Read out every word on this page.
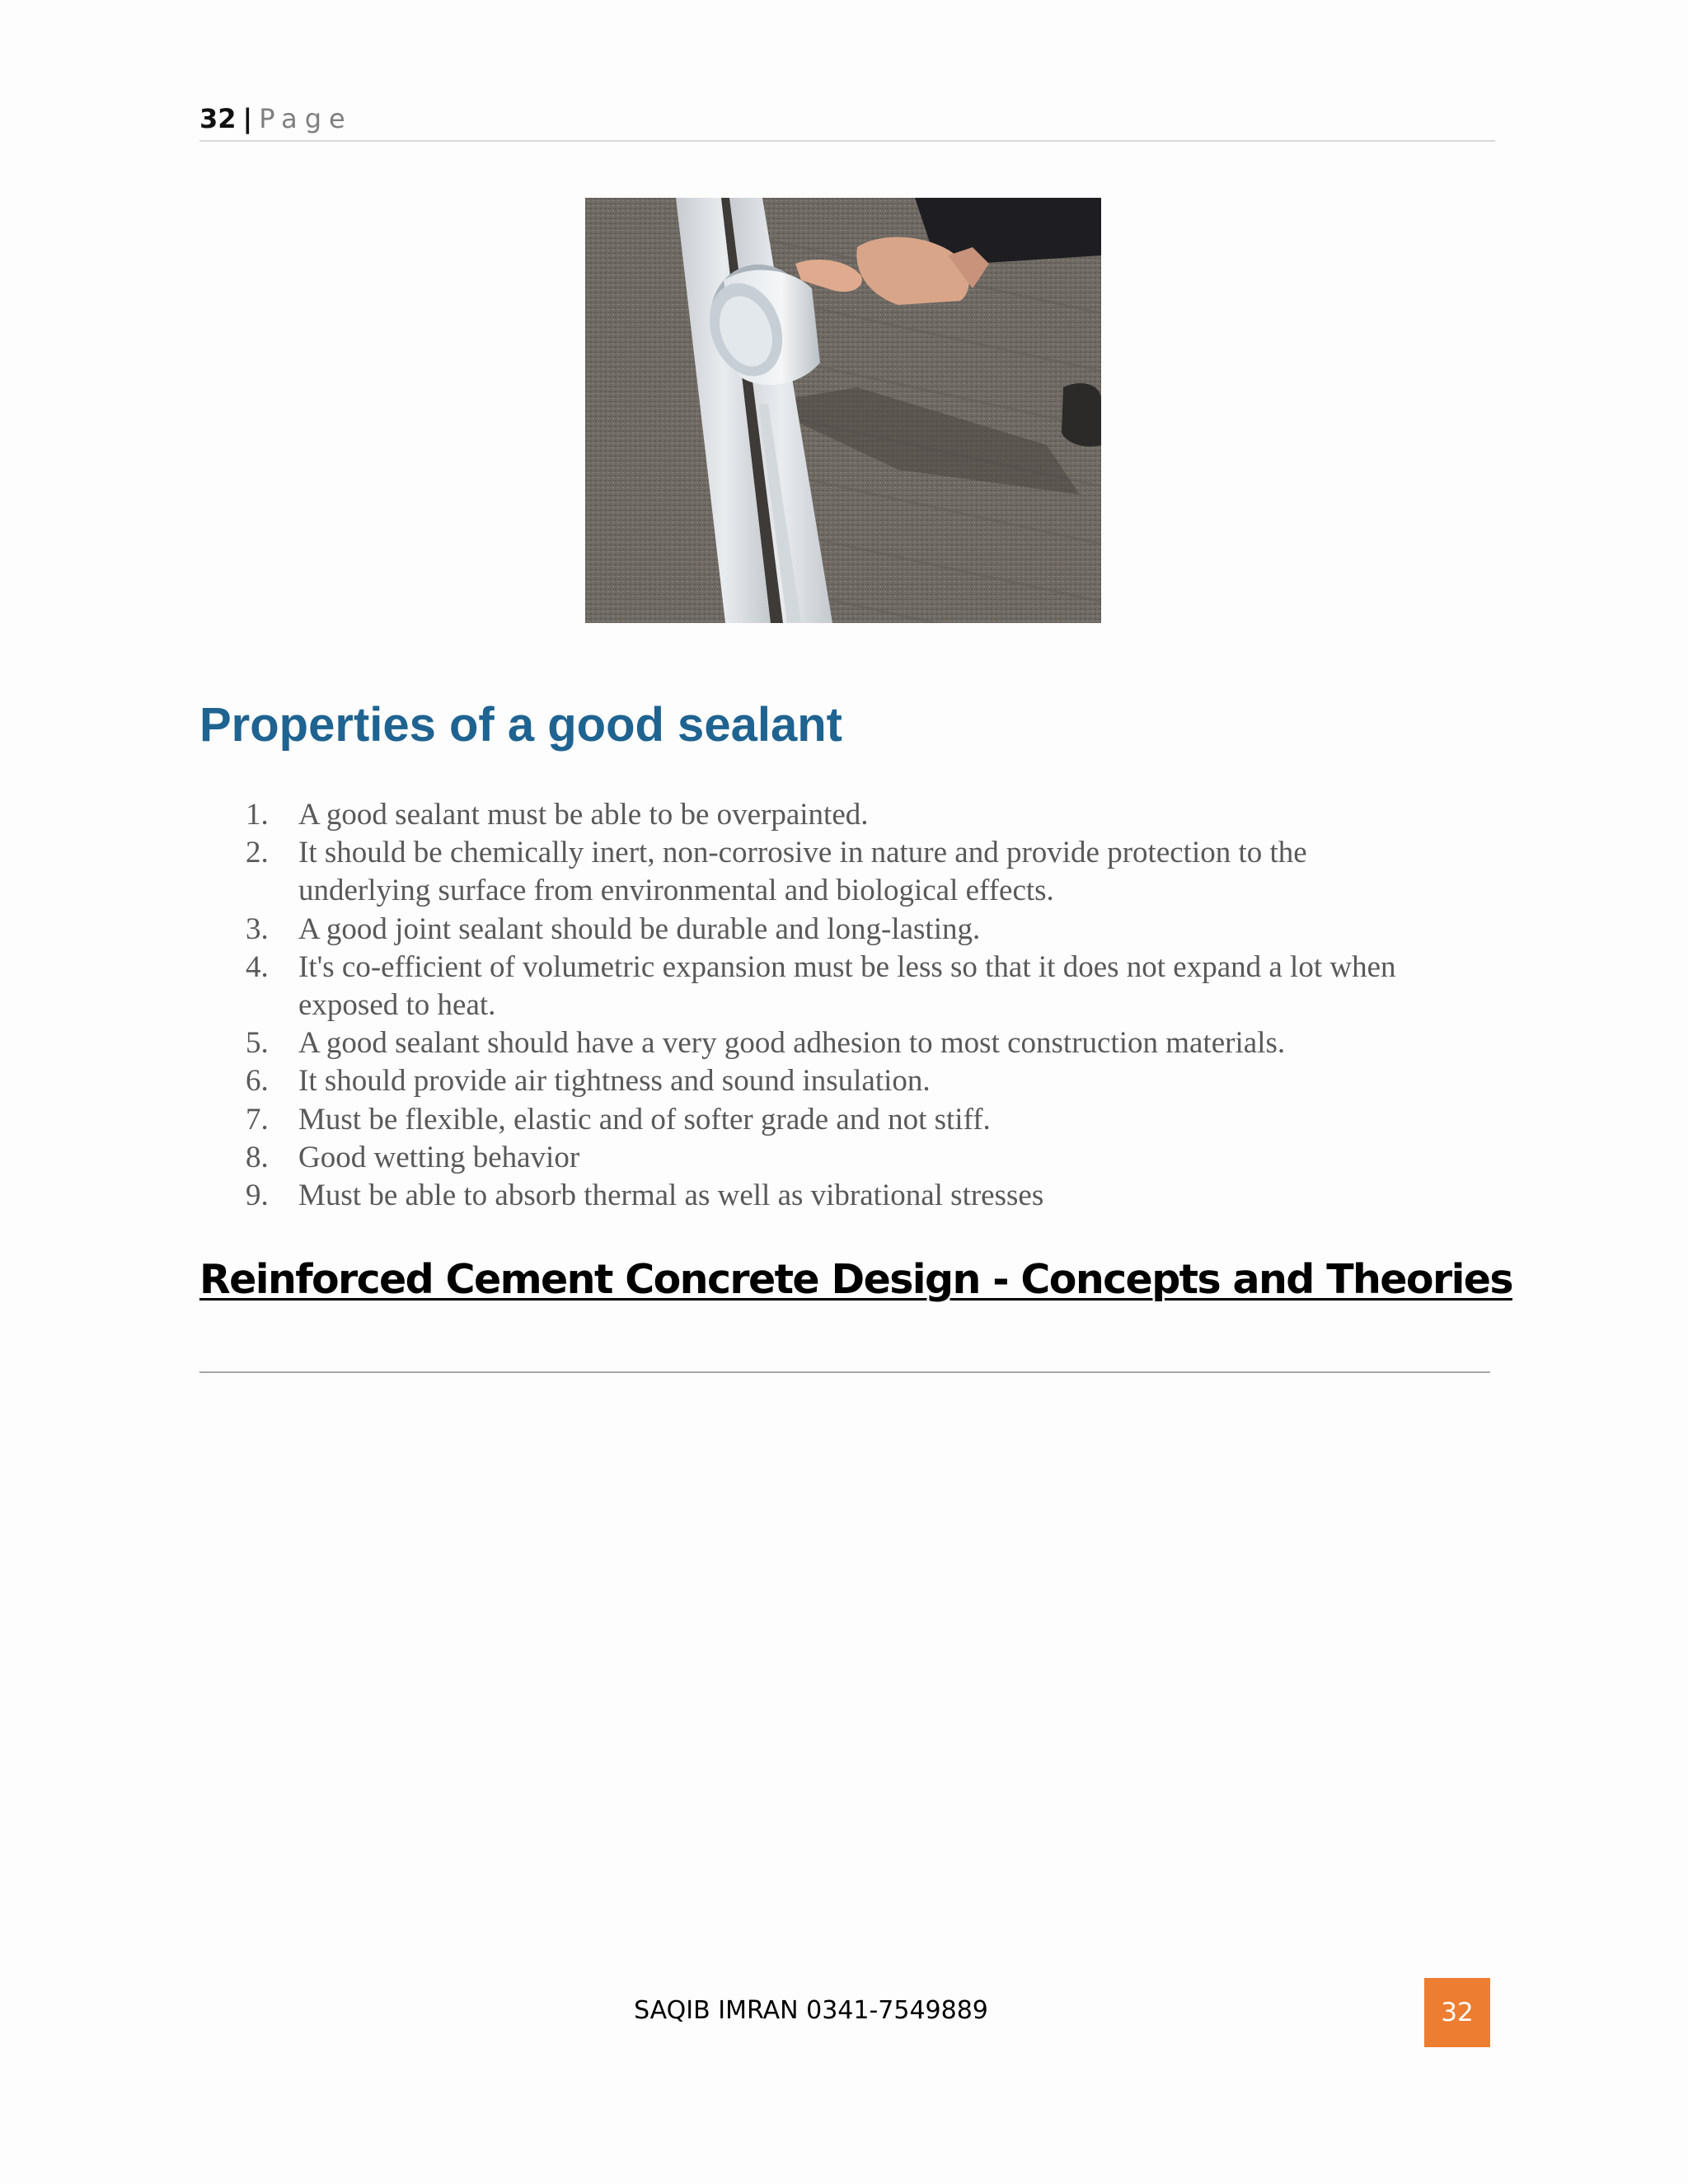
32 | Page
Properties of a good sealant
1. A good sealant must be able to be overpainted.
2. It should be chemically inert, non-corrosive in nature and provide protection to the underlying surface from environmental and biological effects.
3. A good joint sealant should be durable and long-lasting.
4. It's co-efficient of volumetric expansion must be less so that it does not expand a lot when exposed to heat.
5. A good sealant should have a very good adhesion to most construction materials.
6. It should provide air tightness and sound insulation.
7. Must be flexible, elastic and of softer grade and not stiff.
8. Good wetting behavior
9. Must be able to absorb thermal as well as vibrational stresses
Reinforced Cement Concrete Design - Concepts and Theories
SAQIB IMRAN 0341-7549889	32
